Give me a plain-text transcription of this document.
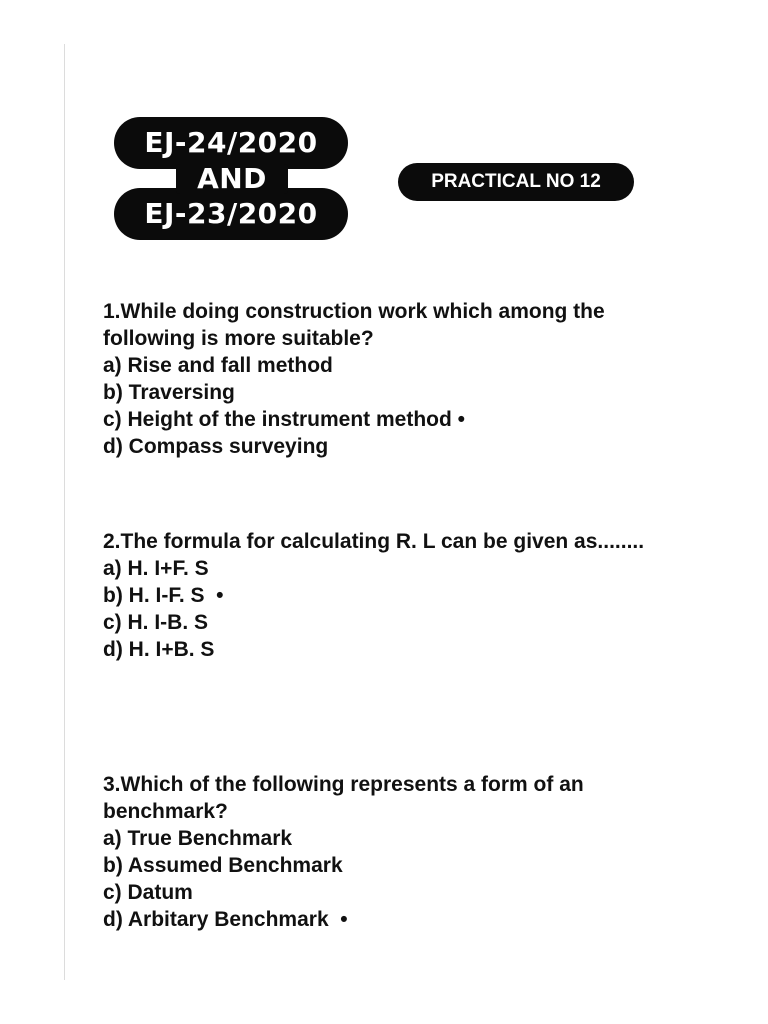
EJ-24/2020
EJ-23/2020
AND	PRACTICAL NO 12

1.While doing construction work which among the following is more suitable?

a) Rise and fall method

b) Traversing

c) Height of the instrument method •

d) Compass surveying

2.The formula for calculating R. L can be given as........

a) H. I+F. S

b) H. I-F. S  •

c) H. I-B. S

d) H. I+B. S

3.Which of the following represents a form of an benchmark?

a) True Benchmark

b) Assumed Benchmark

c) Datum

d) Arbitary Benchmark  •
